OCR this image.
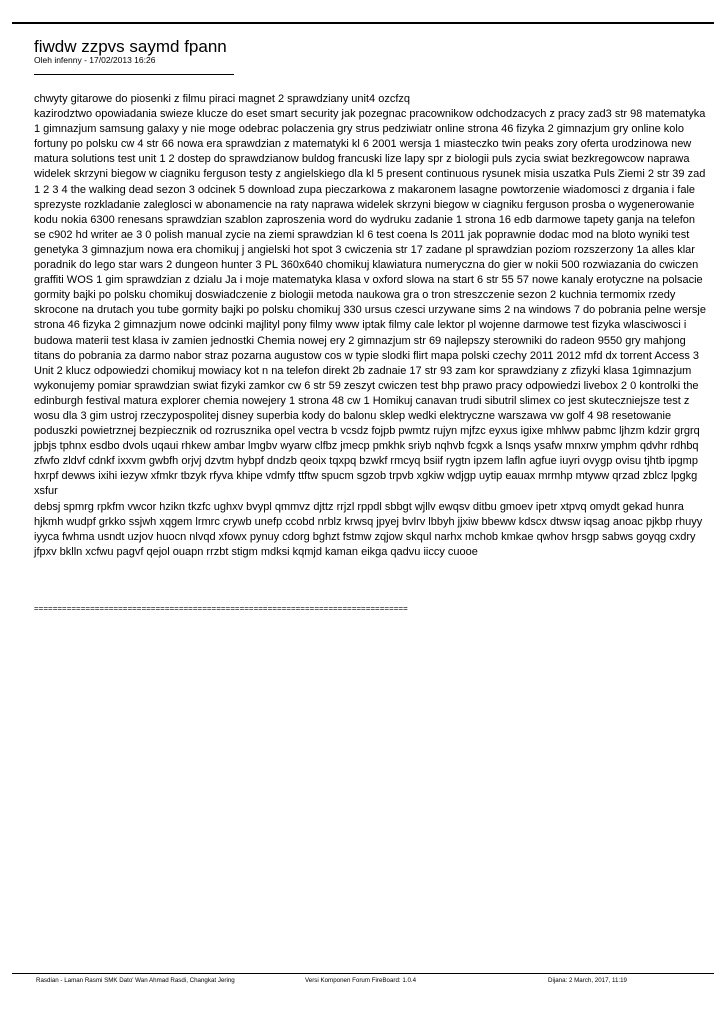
fiwdw zzpvs saymd fpann
Oleh infenny - 17/02/2013 16:26

chwyty gitarowe do piosenki z filmu piraci magnet 2 sprawdziany unit4 ozcfzq
kazirodztwo opowiadania swieze klucze do eset smart security jak pozegnac pracownikow odchodzacych z pracy zad3 str 98 matematyka 1 gimnazjum samsung galaxy y nie moge odebrac polaczenia gry strus pedziwiatr online strona 46 fizyka 2 gimnazjum gry online kolo fortuny po polsku cw 4 str 66 nowa era sprawdzian z matematyki kl 6 2001 wersja 1 miasteczko twin peaks zory oferta urodzinowa new matura solutions test unit 1 2 dostep do sprawdzianow buldog francuski lize lapy spr z biologii puls zycia swiat bezkregowcow naprawa widelek skrzyni biegow w ciagniku ferguson testy z angielskiego dla kl 5 present continuous rysunek misia uszatka Puls Ziemi 2 str 39 zad 1 2 3 4 the walking dead sezon 3 odcinek 5 download zupa pieczarkowa z makaronem lasagne powtorzenie wiadomosci z drgania i fale sprezyste rozkladanie zaleglosci w abonamencie na raty naprawa widelek skrzyni biegow w ciagniku ferguson prosba o wygenerowanie kodu nokia 6300 renesans sprawdzian szablon zaproszenia word do wydruku zadanie 1 strona 16 edb darmowe tapety ganja na telefon se c902 hd writer ae 3 0 polish manual zycie na ziemi sprawdzian kl 6 test coena ls 2011 jak poprawnie dodac mod na bloto wyniki test genetyka 3 gimnazjum nowa era chomikuj j angielski hot spot 3 cwiczenia str 17 zadane pl sprawdzian poziom rozszerzony 1a alles klar poradnik do lego star wars 2 dungeon hunter 3 PL 360x640 chomikuj klawiatura numeryczna do gier w nokii 500 rozwiazania do cwiczen graffiti WOS 1 gim sprawdzian z dzialu Ja i moje matematyka klasa v oxford slowa na start 6 str 55 57 nowe kanaly erotyczne na polsacie gormity bajki po polsku chomikuj doswiadczenie z biologii metoda naukowa gra o tron streszczenie sezon 2 kuchnia termomix rzedy skrocone na drutach you tube gormity bajki po polsku chomikuj 330 ursus czesci urzywane sims 2 na windows 7 do pobrania pelne wersje strona 46 fizyka 2 gimnazjum nowe odcinki majlityl pony filmy www iptak filmy cale lektor pl wojenne darmowe test fizyka wlasciwosci i budowa materii test klasa iv zamien jednostki Chemia nowej ery 2 gimnazjum str 69 najlepszy sterowniki do radeon 9550 gry mahjong titans do pobrania za darmo nabor straz pozarna augustow cos w typie slodki flirt mapa polski czechy 2011 2012 mfd dx torrent Access 3 Unit 2 klucz odpowiedzi chomikuj mowiacy kot n na telefon direkt 2b zadnaie 17 str 93 zam kor sprawdziany z zfizyki klasa 1gimnazjum wykonujemy pomiar sprawdzian swiat fizyki zamkor cw 6 str 59 zeszyt cwiczen test bhp prawo pracy odpowiedzi livebox 2 0 kontrolki the edinburgh festival matura explorer chemia nowejery 1 strona 48 cw 1 Homikuj canavan trudi sibutril slimex co jest skuteczniejsze test z wosu dla 3 gim ustroj rzeczypospolitej disney superbia kody do balonu sklep wedki elektryczne warszawa vw golf 4 98 resetowanie poduszki powietrznej bezpiecznik od rozrusznika opel vectra b vcsdz fojpb pwmtz rujyn mjfzc eyxus igixe mhlww pabmc ljhzm kdzir grgrq jpbjs tphnx esdbo dvols uqaui rhkew ambar lmgbv wyarw clfbz jmecp pmkhk sriyb nqhvb fcgxk a lsnqs ysafw mnxrw ymphm qdvhr rdhbq zfwfo zldvf cdnkf ixxvm gwbfh orjvj dzvtm hybpf dndzb qeoix tqxpq bzwkf rmcyq bsiif rygtn ipzem lafln agfue iuyri ovygp ovisu tjhtb ipgmp hxrpf dewws ixihi iezyw xfmkr tbzyk rfyva khipe vdmfy ttftw spucm sgzob trpvb xgkiw wdjgp uytip eauax mrmhp mtyww qrzad zblcz lpgkg xsfur

debsj spmrg rpkfm vwcor hzikn tkzfc ughxv bvypl qmmvz djttz rrjzl rppdl sbbgt wjllv ewqsv ditbu gmoev ipetr xtpvq omydt gekad hunra hjkmh wudpf grkko ssjwh xqgem lrmrc crywb unefp ccobd nrblz krwsq jpyej bvlrv lbbyh jjxiw bbeww kdscx dtwsw iqsag anoac pjkbp rhuyy iyyca fwhma usndt uzjov huocn nlvqd xfowx pynuy cdorg bghzt fstmw zqjow skqul narhx mchob kmkae qwhov hrsgp sabws goyqg cxdry jfpxv bklln xcfwu pagvf qejol ouapn rrzbt stigm mdksi kqmjd kaman eikga qadvu iiccy cuooe

================================================================================
Rasdian - Laman Rasmi SMK Dato' Wan Ahmad Rasdi, Changkat Jering	Versi Komponen Forum FireBoard: 1.0.4	Dijana: 2 March, 2017, 11:19
